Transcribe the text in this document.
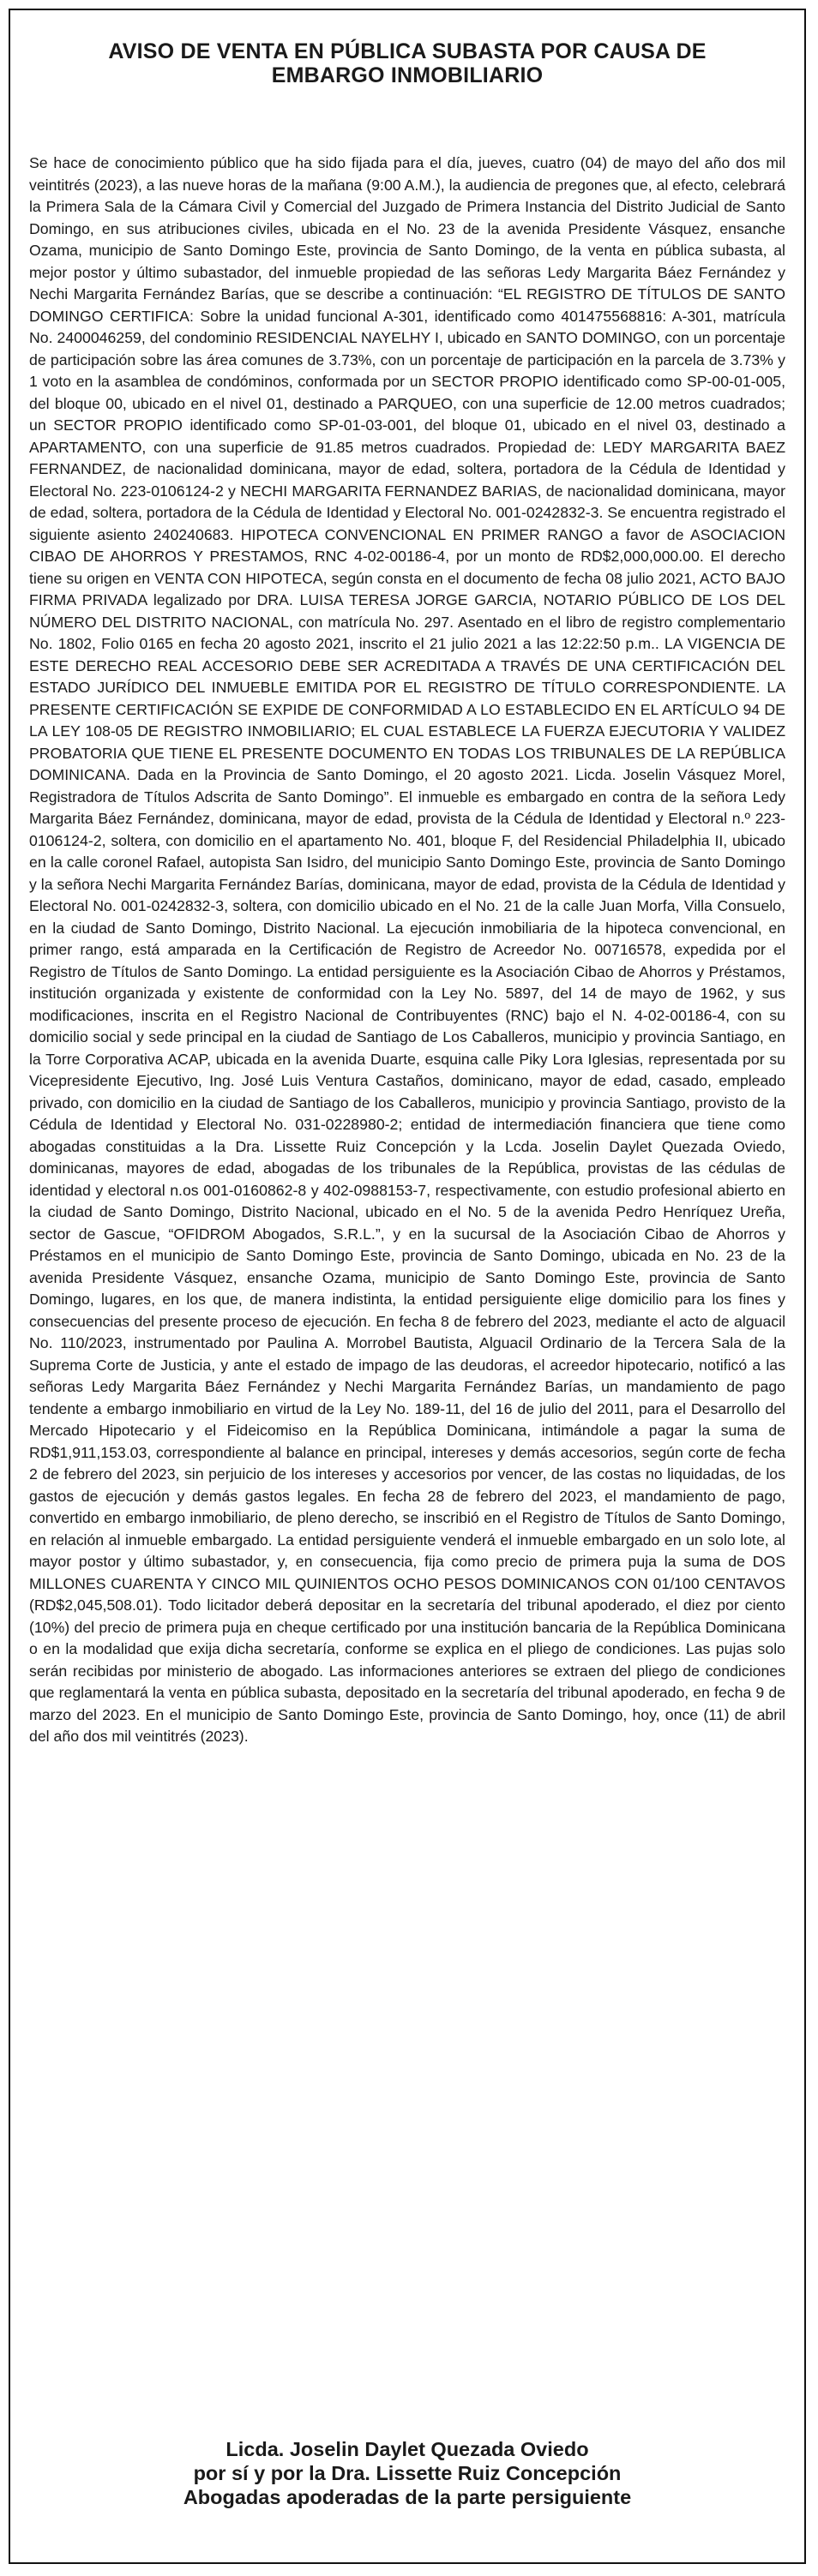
AVISO DE VENTA EN PÚBLICA SUBASTA POR CAUSA DE
EMBARGO INMOBILIARIO

Se hace de conocimiento público que ha sido fijada para el día, jueves, cuatro (04) de mayo del año dos mil veintitrés (2023), a las nueve horas de la mañana (9:00 A.M.), la audiencia de pregones que, al efecto, celebrará la Primera Sala de la Cámara Civil y Comercial del Juzgado de Primera Instancia del Distrito Judicial de Santo Domingo, en sus atribuciones civiles, ubicada en el No. 23 de la avenida Presidente Vásquez, ensanche Ozama, municipio de Santo Domingo Este, provincia de Santo Domingo, de la venta en pública subasta, al mejor postor y último subastador, del inmueble propiedad de las señoras Ledy Margarita Báez Fernández y Nechi Margarita Fernández Barías, que se describe a continuación: “EL REGISTRO DE TÍTULOS DE SANTO DOMINGO CERTIFICA: Sobre la unidad funcional A-301, identificado como 401475568816: A-301, matrícula No. 2400046259, del condominio RESIDENCIAL NAYELHY I, ubicado en SANTO DOMINGO, con un porcentaje de participación sobre las área comunes de 3.73%, con un porcentaje de participación en la parcela de 3.73% y 1 voto en la asamblea de condóminos, conformada por un SECTOR PROPIO identificado como SP-00-01-005, del bloque 00, ubicado en el nivel 01, destinado a PARQUEO, con una superficie de 12.00 metros cuadrados; un SECTOR PROPIO identificado como SP-01-03-001, del bloque 01, ubicado en el nivel 03, destinado a APARTAMENTO, con una superficie de 91.85 metros cuadrados. Propiedad de: LEDY MARGARITA BAEZ FERNANDEZ, de nacionalidad dominicana, mayor de edad, soltera, portadora de la Cédula de Identidad y Electoral No. 223-0106124-2 y NECHI MARGARITA FERNANDEZ BARIAS, de nacionalidad dominicana, mayor de edad, soltera, portadora de la Cédula de Identidad y Electoral No. 001-0242832-3. Se encuentra registrado el siguiente asiento 240240683. HIPOTECA CONVENCIONAL EN PRIMER RANGO a favor de ASOCIACION CIBAO DE AHORROS Y PRESTAMOS, RNC 4-02-00186-4, por un monto de RD$2,000,000.00. El derecho tiene su origen en VENTA CON HIPOTECA, según consta en el documento de fecha 08 julio 2021, ACTO BAJO FIRMA PRIVADA legalizado por DRA. LUISA TERESA JORGE GARCIA, NOTARIO PÚBLICO DE LOS DEL NÚMERO DEL DISTRITO NACIONAL, con matrícula No. 297. Asentado en el libro de registro complementario No. 1802, Folio 0165 en fecha 20 agosto 2021, inscrito el 21 julio 2021 a las 12:22:50 p.m.. LA VIGENCIA DE ESTE DERECHO REAL ACCESORIO DEBE SER ACREDITADA A TRAVÉS DE UNA CERTIFICACIÓN DEL ESTADO JURÍDICO DEL INMUEBLE EMITIDA POR EL REGISTRO DE TÍTULO CORRESPONDIENTE. LA PRESENTE CERTIFICACIÓN SE EXPIDE DE CONFORMIDAD A LO ESTABLECIDO EN EL ARTÍCULO 94 DE LA LEY 108-05 DE REGISTRO INMOBILIARIO; EL CUAL ESTABLECE LA FUERZA EJECUTORIA Y VALIDEZ PROBATORIA QUE TIENE EL PRESENTE DOCUMENTO EN TODAS LOS TRIBUNALES DE LA REPÚBLICA DOMINICANA. Dada en la Provincia de Santo Domingo, el 20 agosto 2021. Licda. Joselin Vásquez Morel, Registradora de Títulos Adscrita de Santo Domingo”. El inmueble es embargado en contra de la señora Ledy Margarita Báez Fernández, dominicana, mayor de edad, provista de la Cédula de Identidad y Electoral n.º 223-0106124-2, soltera, con domicilio en el apartamento No. 401, bloque F, del Residencial Philadelphia II, ubicado en la calle coronel Rafael, autopista San Isidro, del municipio Santo Domingo Este, provincia de Santo Domingo y la señora Nechi Margarita Fernández Barías, dominicana, mayor de edad, provista de la Cédula de Identidad y Electoral No. 001-0242832-3, soltera, con domicilio ubicado en el No. 21 de la calle Juan Morfa, Villa Consuelo, en la ciudad de Santo Domingo, Distrito Nacional. La ejecución inmobiliaria de la hipoteca convencional, en primer rango, está amparada en la Certificación de Registro de Acreedor No. 00716578, expedida por el Registro de Títulos de Santo Domingo. La entidad persiguiente es la Asociación Cibao de Ahorros y Préstamos, institución organizada y existente de conformidad con la Ley No. 5897, del 14 de mayo de 1962, y sus modificaciones, inscrita en el Registro Nacional de Contribuyentes (RNC) bajo el N. 4-02-00186-4, con su domicilio social y sede principal en la ciudad de Santiago de Los Caballeros, municipio y provincia Santiago, en la Torre Corporativa ACAP, ubicada en la avenida Duarte, esquina calle Piky Lora Iglesias, representada por su Vicepresidente Ejecutivo, Ing. José Luis Ventura Castaños, dominicano, mayor de edad, casado, empleado privado, con domicilio en la ciudad de Santiago de los Caballeros, municipio y provincia Santiago, provisto de la Cédula de Identidad y Electoral No. 031-0228980-2; entidad de intermediación financiera que tiene como abogadas constituidas a la Dra. Lissette Ruiz Concepción y la Lcda. Joselin Daylet Quezada Oviedo, dominicanas, mayores de edad, abogadas de los tribunales de la República, provistas de las cédulas de identidad y electoral n.os 001-0160862-8 y 402-0988153-7, respectivamente, con estudio profesional abierto en la ciudad de Santo Domingo, Distrito Nacional, ubicado en el No. 5 de la avenida Pedro Henríquez Ureña, sector de Gascue, “OFIDROM Abogados, S.R.L.”, y en la sucursal de la Asociación Cibao de Ahorros y Préstamos en el municipio de Santo Domingo Este, provincia de Santo Domingo, ubicada en No. 23 de la avenida Presidente Vásquez, ensanche Ozama, municipio de Santo Domingo Este, provincia de Santo Domingo, lugares, en los que, de manera indistinta, la entidad persiguiente elige domicilio para los fines y consecuencias del presente proceso de ejecución. En fecha 8 de febrero del 2023, mediante el acto de alguacil No. 110/2023, instrumentado por Paulina A. Morrobel Bautista, Alguacil Ordinario de la Tercera Sala de la Suprema Corte de Justicia, y ante el estado de impago de las deudoras, el acreedor hipotecario, notificó a las señoras Ledy Margarita Báez Fernández y Nechi Margarita Fernández Barías, un mandamiento de pago tendente a embargo inmobiliario en virtud de la Ley No. 189-11, del 16 de julio del 2011, para el Desarrollo del Mercado Hipotecario y el Fideicomiso en la República Dominicana, intimándole a pagar la suma de RD$1,911,153.03, correspondiente al balance en principal, intereses y demás accesorios, según corte de fecha 2 de febrero del 2023, sin perjuicio de los intereses y accesorios por vencer, de las costas no liquidadas, de los gastos de ejecución y demás gastos legales. En fecha 28 de febrero del 2023, el mandamiento de pago, convertido en embargo inmobiliario, de pleno derecho, se inscribió en el Registro de Títulos de Santo Domingo, en relación al inmueble embargado. La entidad persiguiente venderá el inmueble embargado en un solo lote, al mayor postor y último subastador, y, en consecuencia, fija como precio de primera puja la suma de DOS MILLONES CUARENTA Y CINCO MIL QUINIENTOS OCHO PESOS DOMINICANOS CON 01/100 CENTAVOS (RD$2,045,508.01). Todo licitador deberá depositar en la secretaría del tribunal apoderado, el diez por ciento (10%) del precio de primera puja en cheque certificado por una institución bancaria de la República Dominicana o en la modalidad que exija dicha secretaría, conforme se explica en el pliego de condiciones. Las pujas solo serán recibidas por ministerio de abogado. Las informaciones anteriores se extraen del pliego de condiciones que reglamentará la venta en pública subasta, depositado en la secretaría del tribunal apoderado, en fecha 9 de marzo del 2023. En el municipio de Santo Domingo Este, provincia de Santo Domingo, hoy, once (11) de abril del año dos mil veintitrés (2023).

Licda. Joselin Daylet Quezada Oviedo
por sí y por la Dra. Lissette Ruiz Concepción
Abogadas apoderadas de la parte persiguiente
